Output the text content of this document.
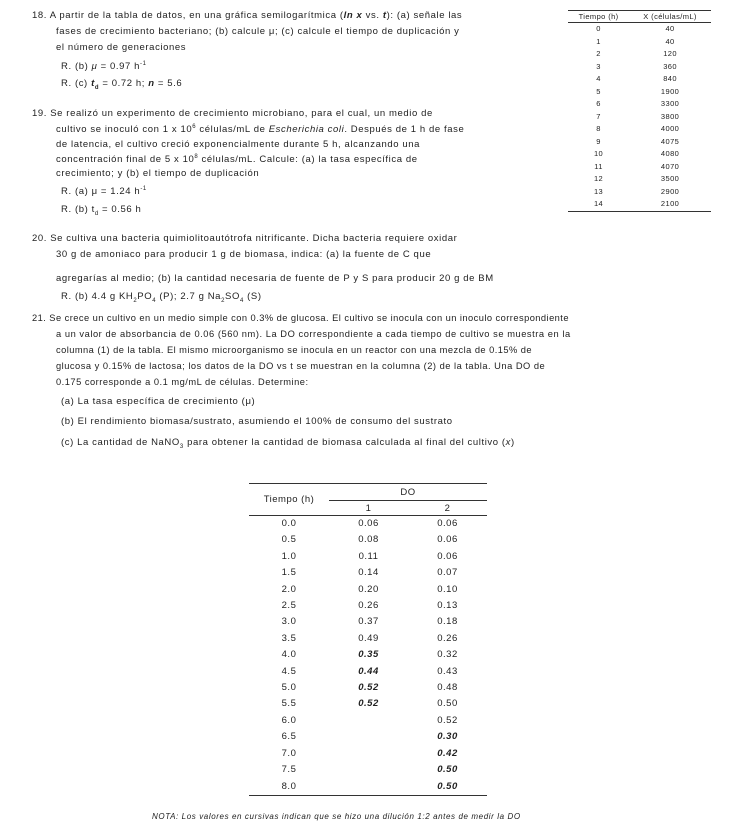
18. A partir de la tabla de datos, en una gráfica semilogarítmica (ln x vs. t): (a) señale las
fases de crecimiento bacteriano; (b) calcule μ; (c) calcule el tiempo de duplicación y
el número de generaciones
R. (b) μ = 0.97 $h^{-1}$
R. (c) $t_d = 0.72$ h; n = 5.6
19. Se realizó un experimento de crecimiento microbiano, para el cual, un medio de
cultivo se inoculó con 1 x $10^6$ células/mL de Escherichia coli. Después de 1 h de fase
de latencia, el cultivo creció exponencialmente durante 5 h, alcanzando una
concentración final de 5 x $10^8$ células/mL. Calcule: (a) la tasa específica de
crecimiento; y (b) el tiempo de duplicación
R. (a) μ = 1.24 $h^{-1}$
R. (b) $t_d = 0.56$ h
20. Se cultiva una bacteria quimiolitoautótrofa nitrificante. Dicha bacteria requiere oxidar
30 g de amoniaco para producir 1 g de biomasa, indica: (a) la fuente de C que
agregarías al medio; (b) la cantidad necesaria de fuente de P y S para producir 20 g de BM
R. (b) 4.4 g $KH_2PO_4$ (P); 2.7 g $Na_2SO_4$ (S)
21. Se crece un cultivo en un medio simple con 0.3% de glucosa. El cultivo se inocula con un inoculo correspondiente
a un valor de absorbancia de 0.06 (560 nm). La DO correspondiente a cada tiempo de cultivo se muestra en la
columna (1) de la tabla. El mismo microorganismo se inocula en un reactor con una mezcla de 0.15% de
glucosa y 0.15% de lactosa; los datos de la DO vs t se muestran en la columna (2) de la tabla. Una DO de
0.175 corresponde a 0.1 mg/mL de células. Determine:
(a) La tasa específica de crecimiento (μ)
(b) El rendimiento biomasa/sustrato, asumiendo el 100% de consumo del sustrato
(c) La cantidad de NaNO$_3$ para obtener la cantidad de biomasa calculada al final del cultivo (x)
Tiempo (h)	X (células/mL)
0	40
1	40
2	120
3	360
4	840
5	1900
6	3300
7	3800
8	4000
9	4075
10	4080
11	4070
12	3500
13	2900
14	2100
Tiempo (h)	DO	
	1	2
0.0	0.06	0.06
0.5	0.08	0.06
1.0	0.11	0.06
1.5	0.14	0.07
2.0	0.20	0.10
2.5	0.26	0.13
3.0	0.37	0.18
3.5	0.49	0.26
4.0	0.35	0.32
4.5	0.44	0.43
5.0	0.52	0.48
5.5	0.52	0.50
6.0		0.52
6.5		0.30
7.0		0.42
7.5		0.50
8.0		0.50
NOTA: Los valores en cursivas indican que se hizo una dilución 1:2 antes de medir la DO
